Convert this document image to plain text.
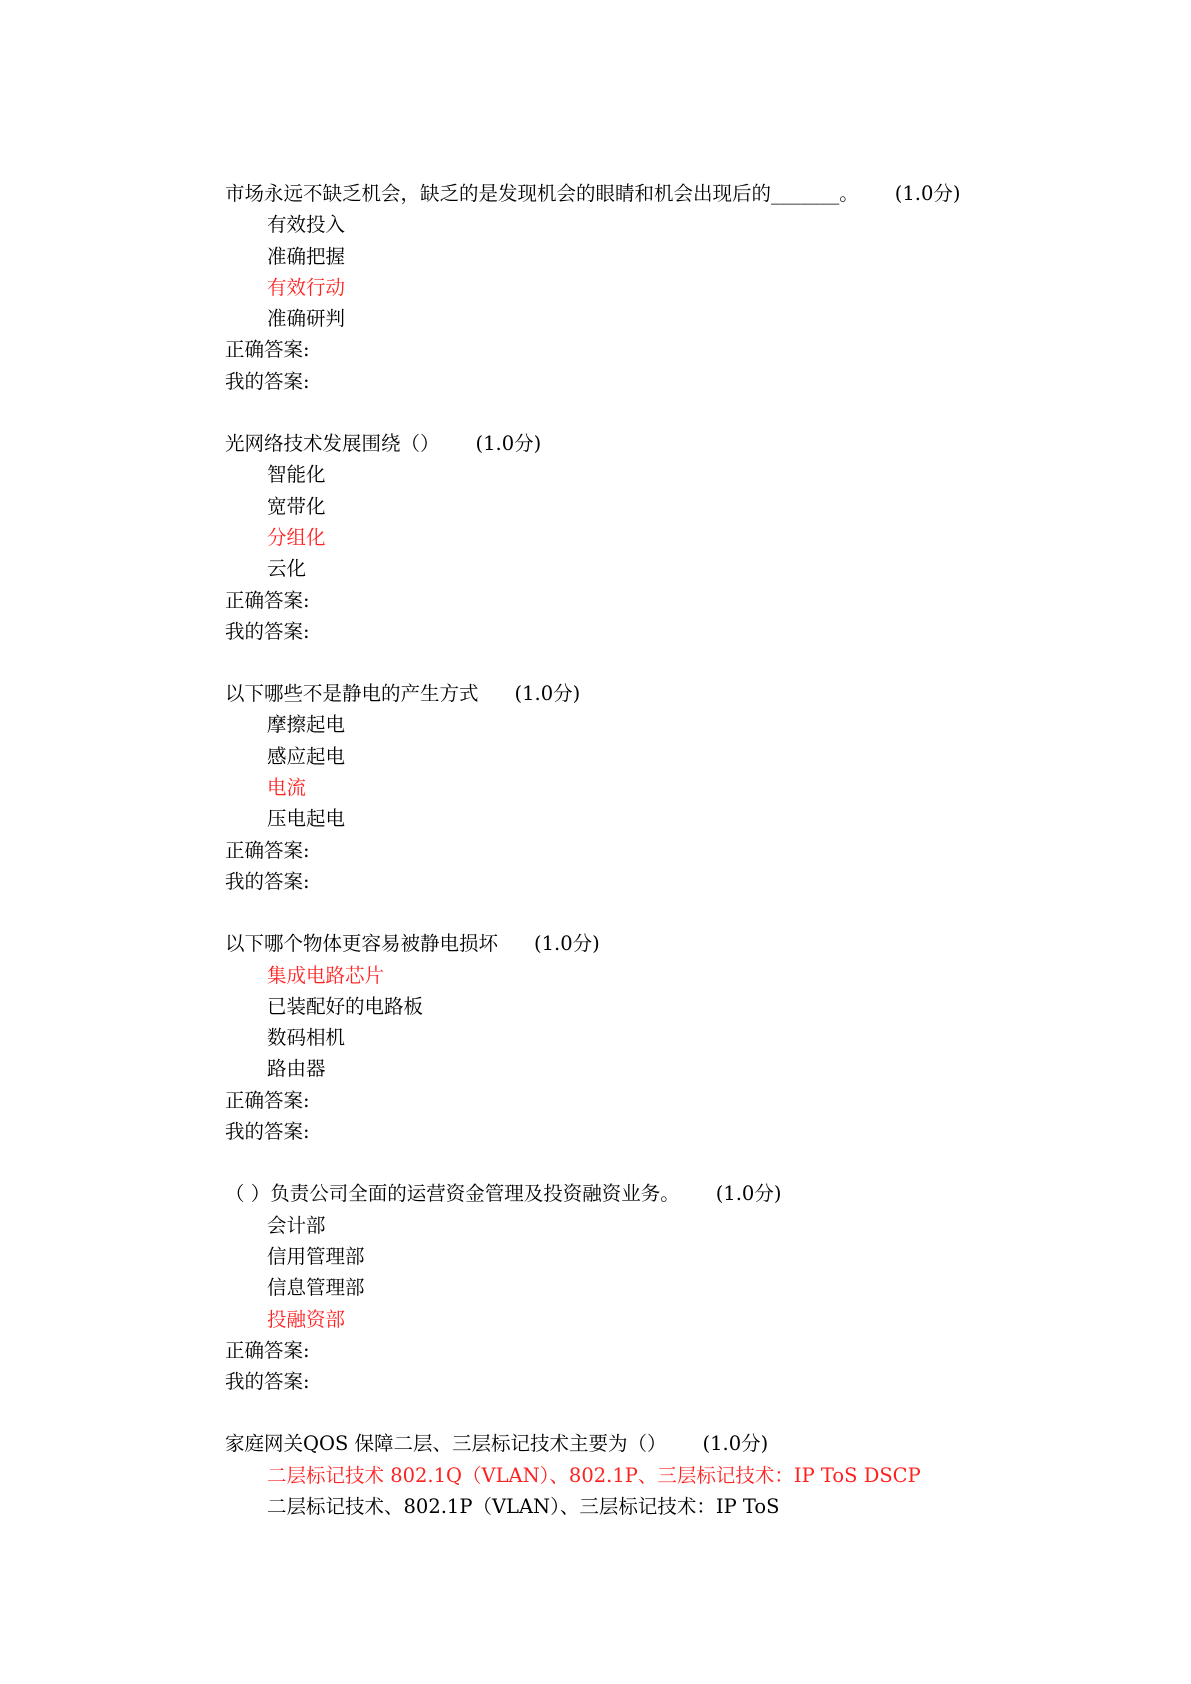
市场永远不缺乏机会，缺乏的是发现机会的眼睛和机会出现后的_______。 (1.0分)
有效投入
准确把握
有效行动
准确研判
正确答案:
我的答案:
光网络技术发展围绕（） (1.0分)
智能化
宽带化
分组化
云化
正确答案:
我的答案:
以下哪些不是静电的产生方式 (1.0分)
摩擦起电
感应起电
电流
压电起电
正确答案:
我的答案:
以下哪个物体更容易被静电损坏 (1.0分)
集成电路芯片
已装配好的电路板
数码相机
路由器
正确答案:
我的答案:
（ ）负责公司全面的运营资金管理及投资融资业务。 (1.0分)
会计部
信用管理部
信息管理部
投融资部
正确答案:
我的答案:
家庭网关QOS 保障二层、三层标记技术主要为（） (1.0分)
二层标记技术 802.1Q（VLAN）、802.1P、三层标记技术：IP ToS DSCP
二层标记技术、802.1P（VLAN）、三层标记技术：IP ToS
